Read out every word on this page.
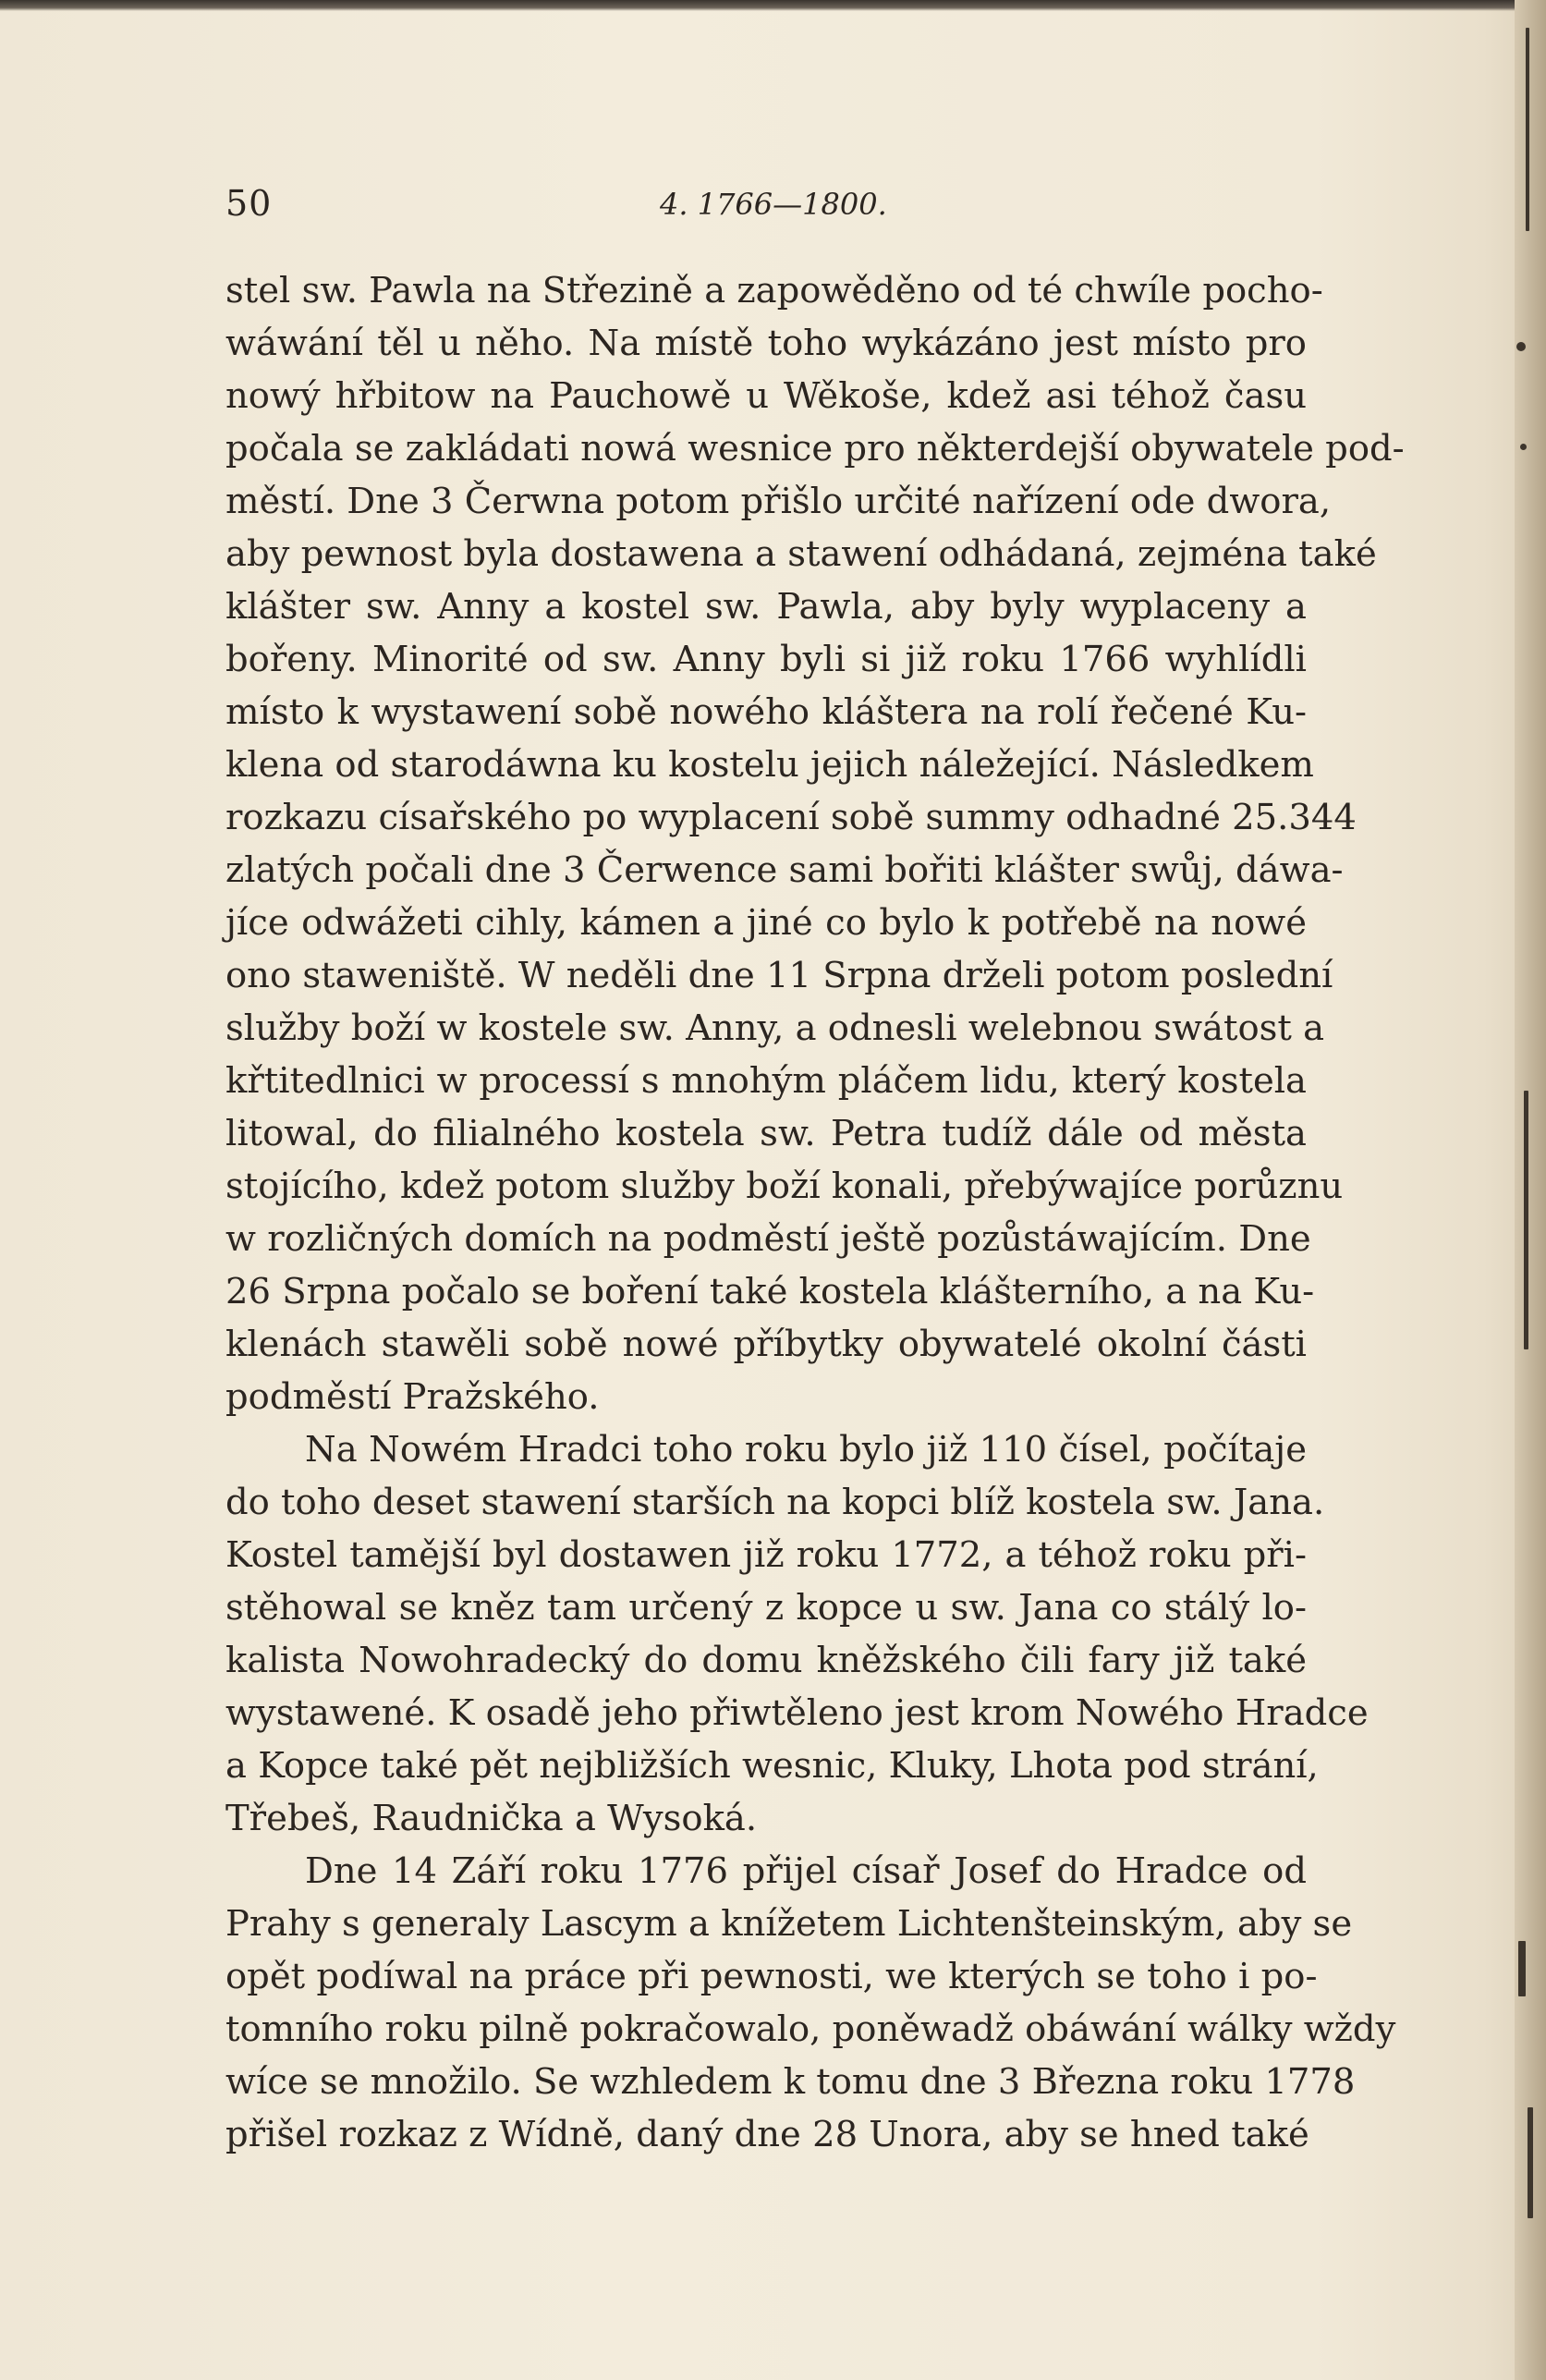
50	4. 1766—1800.
stel sw. Pawla na Střezině a zapowěděno od té chwíle pocho-
wáwání těl u něho. Na místě toho wykázáno jest místo pro
nowý hřbitow na Pauchowě u Wěkoše, kdež asi téhož času
počala se zakládati nowá wesnice pro některdejší obywatele pod-
městí. Dne 3 Čerwna potom přišlo určité nařízení ode dwora,
aby pewnost byla dostawena a stawení odhádaná, zejména také
klášter sw. Anny a kostel sw. Pawla, aby byly wyplaceny a
bořeny. Minorité od sw. Anny byli si již roku 1766 wyhlídli
místo k wystawení sobě nowého kláštera na rolí řečené Ku-
klena od starodáwna ku kostelu jejich náležející. Následkem
rozkazu císařského po wyplacení sobě summy odhadné 25.344
zlatých počali dne 3 Čerwence sami bořiti klášter swůj, dáwa-
jíce odwážeti cihly, kámen a jiné co bylo k potřebě na nowé
ono staweniště. W neděli dne 11 Srpna drželi potom poslední
služby boží w kostele sw. Anny, a odnesli welebnou swátost a
křtitedlnici w processí s mnohým pláčem lidu, který kostela
litowal, do filialného kostela sw. Petra tudíž dále od města
stojícího, kdež potom služby boží konali, přebýwajíce porůznu
w rozličných domích na podměstí ještě pozůstáwajícím. Dne
26 Srpna počalo se boření také kostela klášterního, a na Ku-
klenách stawěli sobě nowé příbytky obywatelé okolní části
podměstí Pražského.
Na Nowém Hradci toho roku bylo již 110 čísel, počítaje
do toho deset stawení starších na kopci blíž kostela sw. Jana.
Kostel tamější byl dostawen již roku 1772, a téhož roku při-
stěhowal se kněz tam určený z kopce u sw. Jana co stálý lo-
kalista Nowohradecký do domu kněžského čili fary již také
wystawené. K osadě jeho přiwtěleno jest krom Nowého Hradce
a Kopce také pět nejbližších wesnic, Kluky, Lhota pod strání,
Třebeš, Raudnička a Wysoká.
Dne 14 Září roku 1776 přijel císař Josef do Hradce od
Prahy s generaly Lascym a knížetem Lichtenšteinským, aby se
opět podíwal na práce při pewnosti, we kterých se toho i po-
tomního roku pilně pokračowalo, poněwadž obáwání wálky wždy
wíce se množilo. Se wzhledem k tomu dne 3 Března roku 1778
přišel rozkaz z Wídně, daný dne 28 Unora, aby se hned také
